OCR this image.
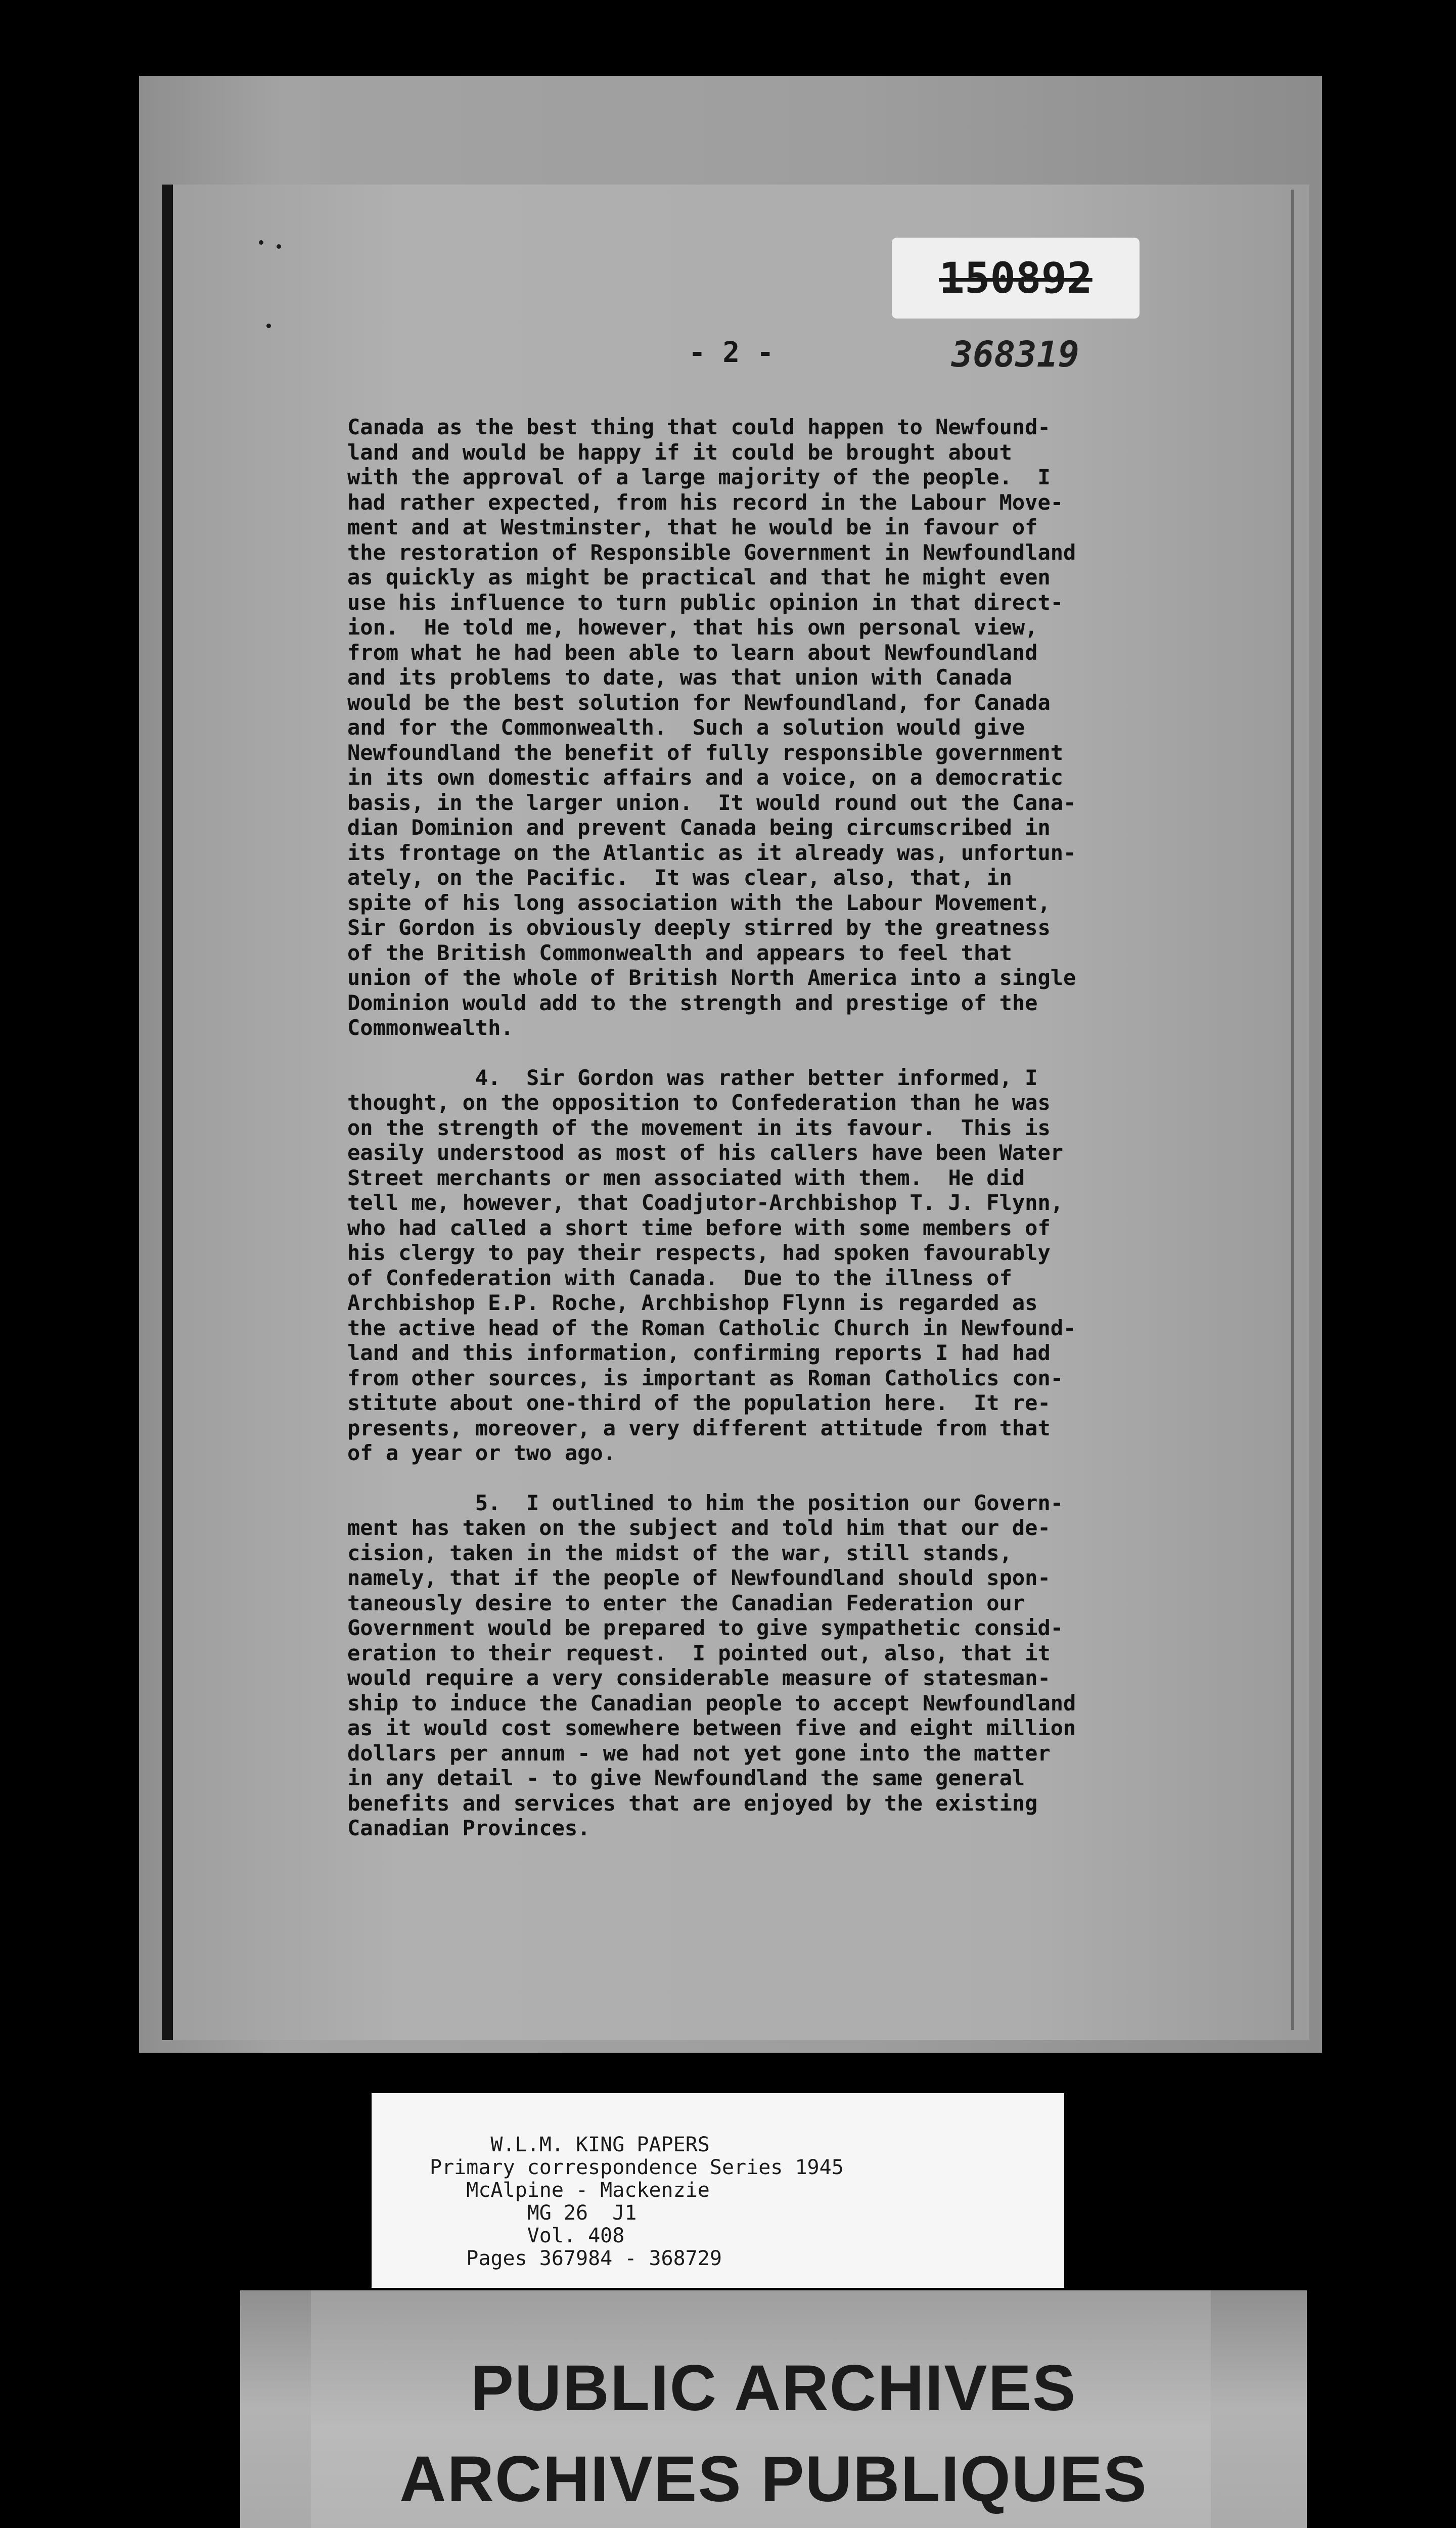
150892
- 2 -	368319

Canada as the best thing that could happen to Newfound-

land and would be happy if it could be brought about

with the approval of a large majority of the people.  I

had rather expected, from his record in the Labour Move-

ment and at Westminster, that he would be in favour of

the restoration of Responsible Government in Newfoundland

as quickly as might be practical and that he might even

use his influence to turn public opinion in that direct-

ion.  He told me, however, that his own personal view,

from what he had been able to learn about Newfoundland

and its problems to date, was that union with Canada

would be the best solution for Newfoundland, for Canada

and for the Commonwealth.  Such a solution would give

Newfoundland the benefit of fully responsible government

in its own domestic affairs and a voice, on a democratic

basis, in the larger union.  It would round out the Cana-

dian Dominion and prevent Canada being circumscribed in

its frontage on the Atlantic as it already was, unfortun-

ately, on the Pacific.  It was clear, also, that, in

spite of his long association with the Labour Movement,

Sir Gordon is obviously deeply stirred by the greatness

of the British Commonwealth and appears to feel that

union of the whole of British North America into a single

Dominion would add to the strength and prestige of the

Commonwealth.

4.  Sir Gordon was rather better informed, I

thought, on the opposition to Confederation than he was

on the strength of the movement in its favour.  This is

easily understood as most of his callers have been Water

Street merchants or men associated with them.  He did

tell me, however, that Coadjutor-Archbishop T. J. Flynn,

who had called a short time before with some members of

his clergy to pay their respects, had spoken favourably

of Confederation with Canada.  Due to the illness of

Archbishop E.P. Roche, Archbishop Flynn is regarded as

the active head of the Roman Catholic Church in Newfound-

land and this information, confirming reports I had had

from other sources, is important as Roman Catholics con-

stitute about one-third of the population here.  It re-

presents, moreover, a very different attitude from that

of a year or two ago.

5.  I outlined to him the position our Govern-

ment has taken on the subject and told him that our de-

cision, taken in the midst of the war, still stands,

namely, that if the people of Newfoundland should spon-

taneously desire to enter the Canadian Federation our

Government would be prepared to give sympathetic consid-

eration to their request.  I pointed out, also, that it

would require a very considerable measure of statesman-

ship to induce the Canadian people to accept Newfoundland

as it would cost somewhere between five and eight million

dollars per annum - we had not yet gone into the matter

in any detail - to give Newfoundland the same general

benefits and services that are enjoyed by the existing

Canadian Provinces.

W.L.M. KING PAPERS
Primary correspondence Series 1945
McAlpine - Mackenzie
MG 26  J1
Vol. 408
Pages 367984 - 368729
PUBLIC ARCHIVES
ARCHIVES PUBLIQUES
